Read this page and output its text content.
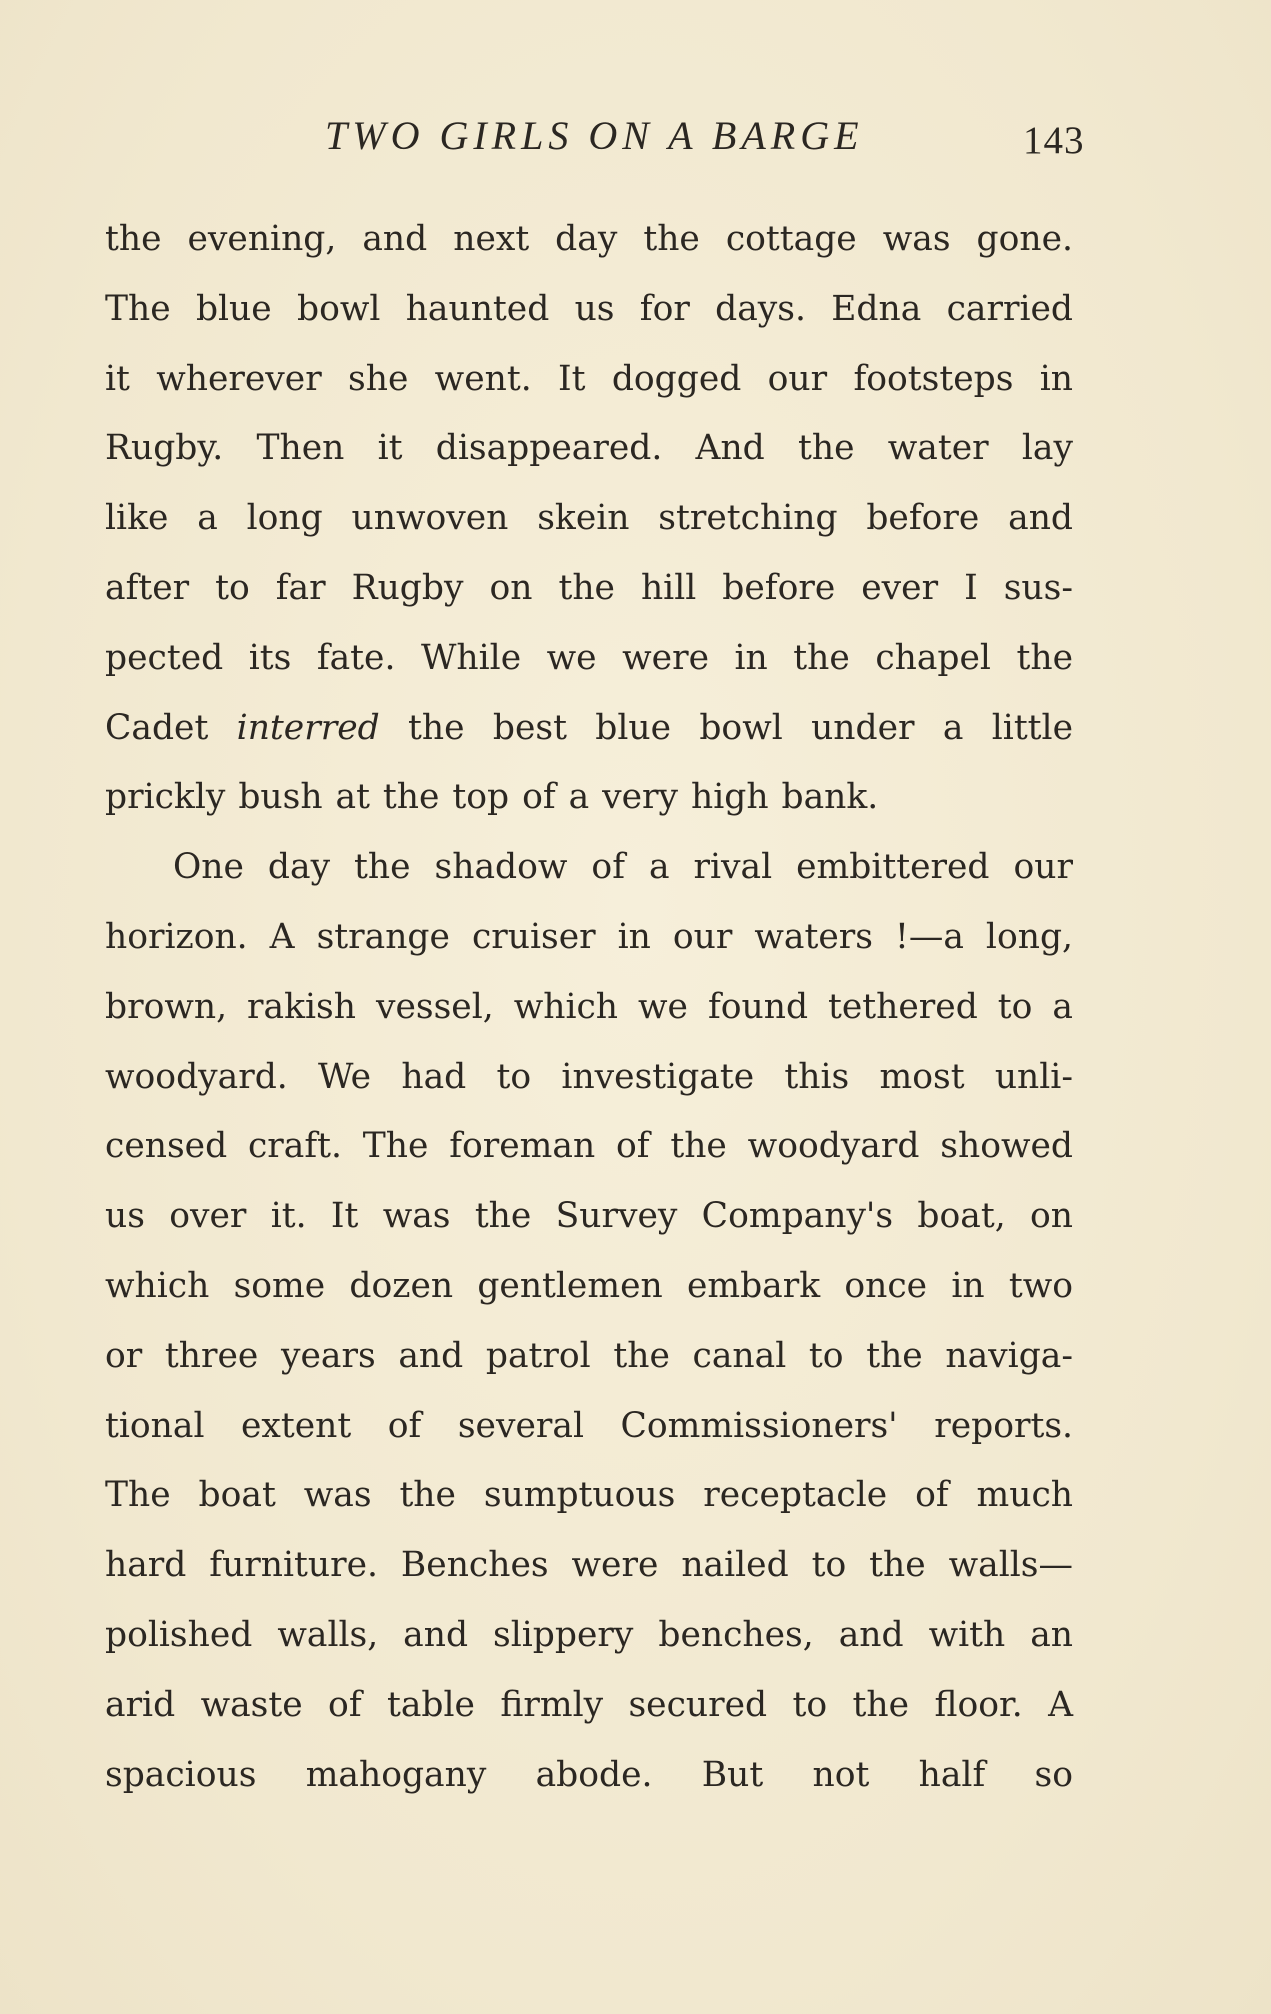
TWO GIRLS ON A BARGE	143
the evening, and next day the cottage was gone.
The blue bowl haunted us for days. Edna carried
it wherever she went. It dogged our footsteps in
Rugby. Then it disappeared. And the water lay
like a long unwoven skein stretching before and
after to far Rugby on the hill before ever I sus-
pected its fate. While we were in the chapel the
Cadet interred the best blue bowl under a little
prickly bush at the top of a very high bank.
One day the shadow of a rival embittered our
horizon. A strange cruiser in our waters !—a long,
brown, rakish vessel, which we found tethered to a
woodyard. We had to investigate this most unli-
censed craft. The foreman of the woodyard showed
us over it. It was the Survey Company's boat, on
which some dozen gentlemen embark once in two
or three years and patrol the canal to the naviga-
tional extent of several Commissioners' reports.
The boat was the sumptuous receptacle of much
hard furniture. Benches were nailed to the walls—
polished walls, and slippery benches, and with an
arid waste of table firmly secured to the floor. A
spacious mahogany abode. But not half so
